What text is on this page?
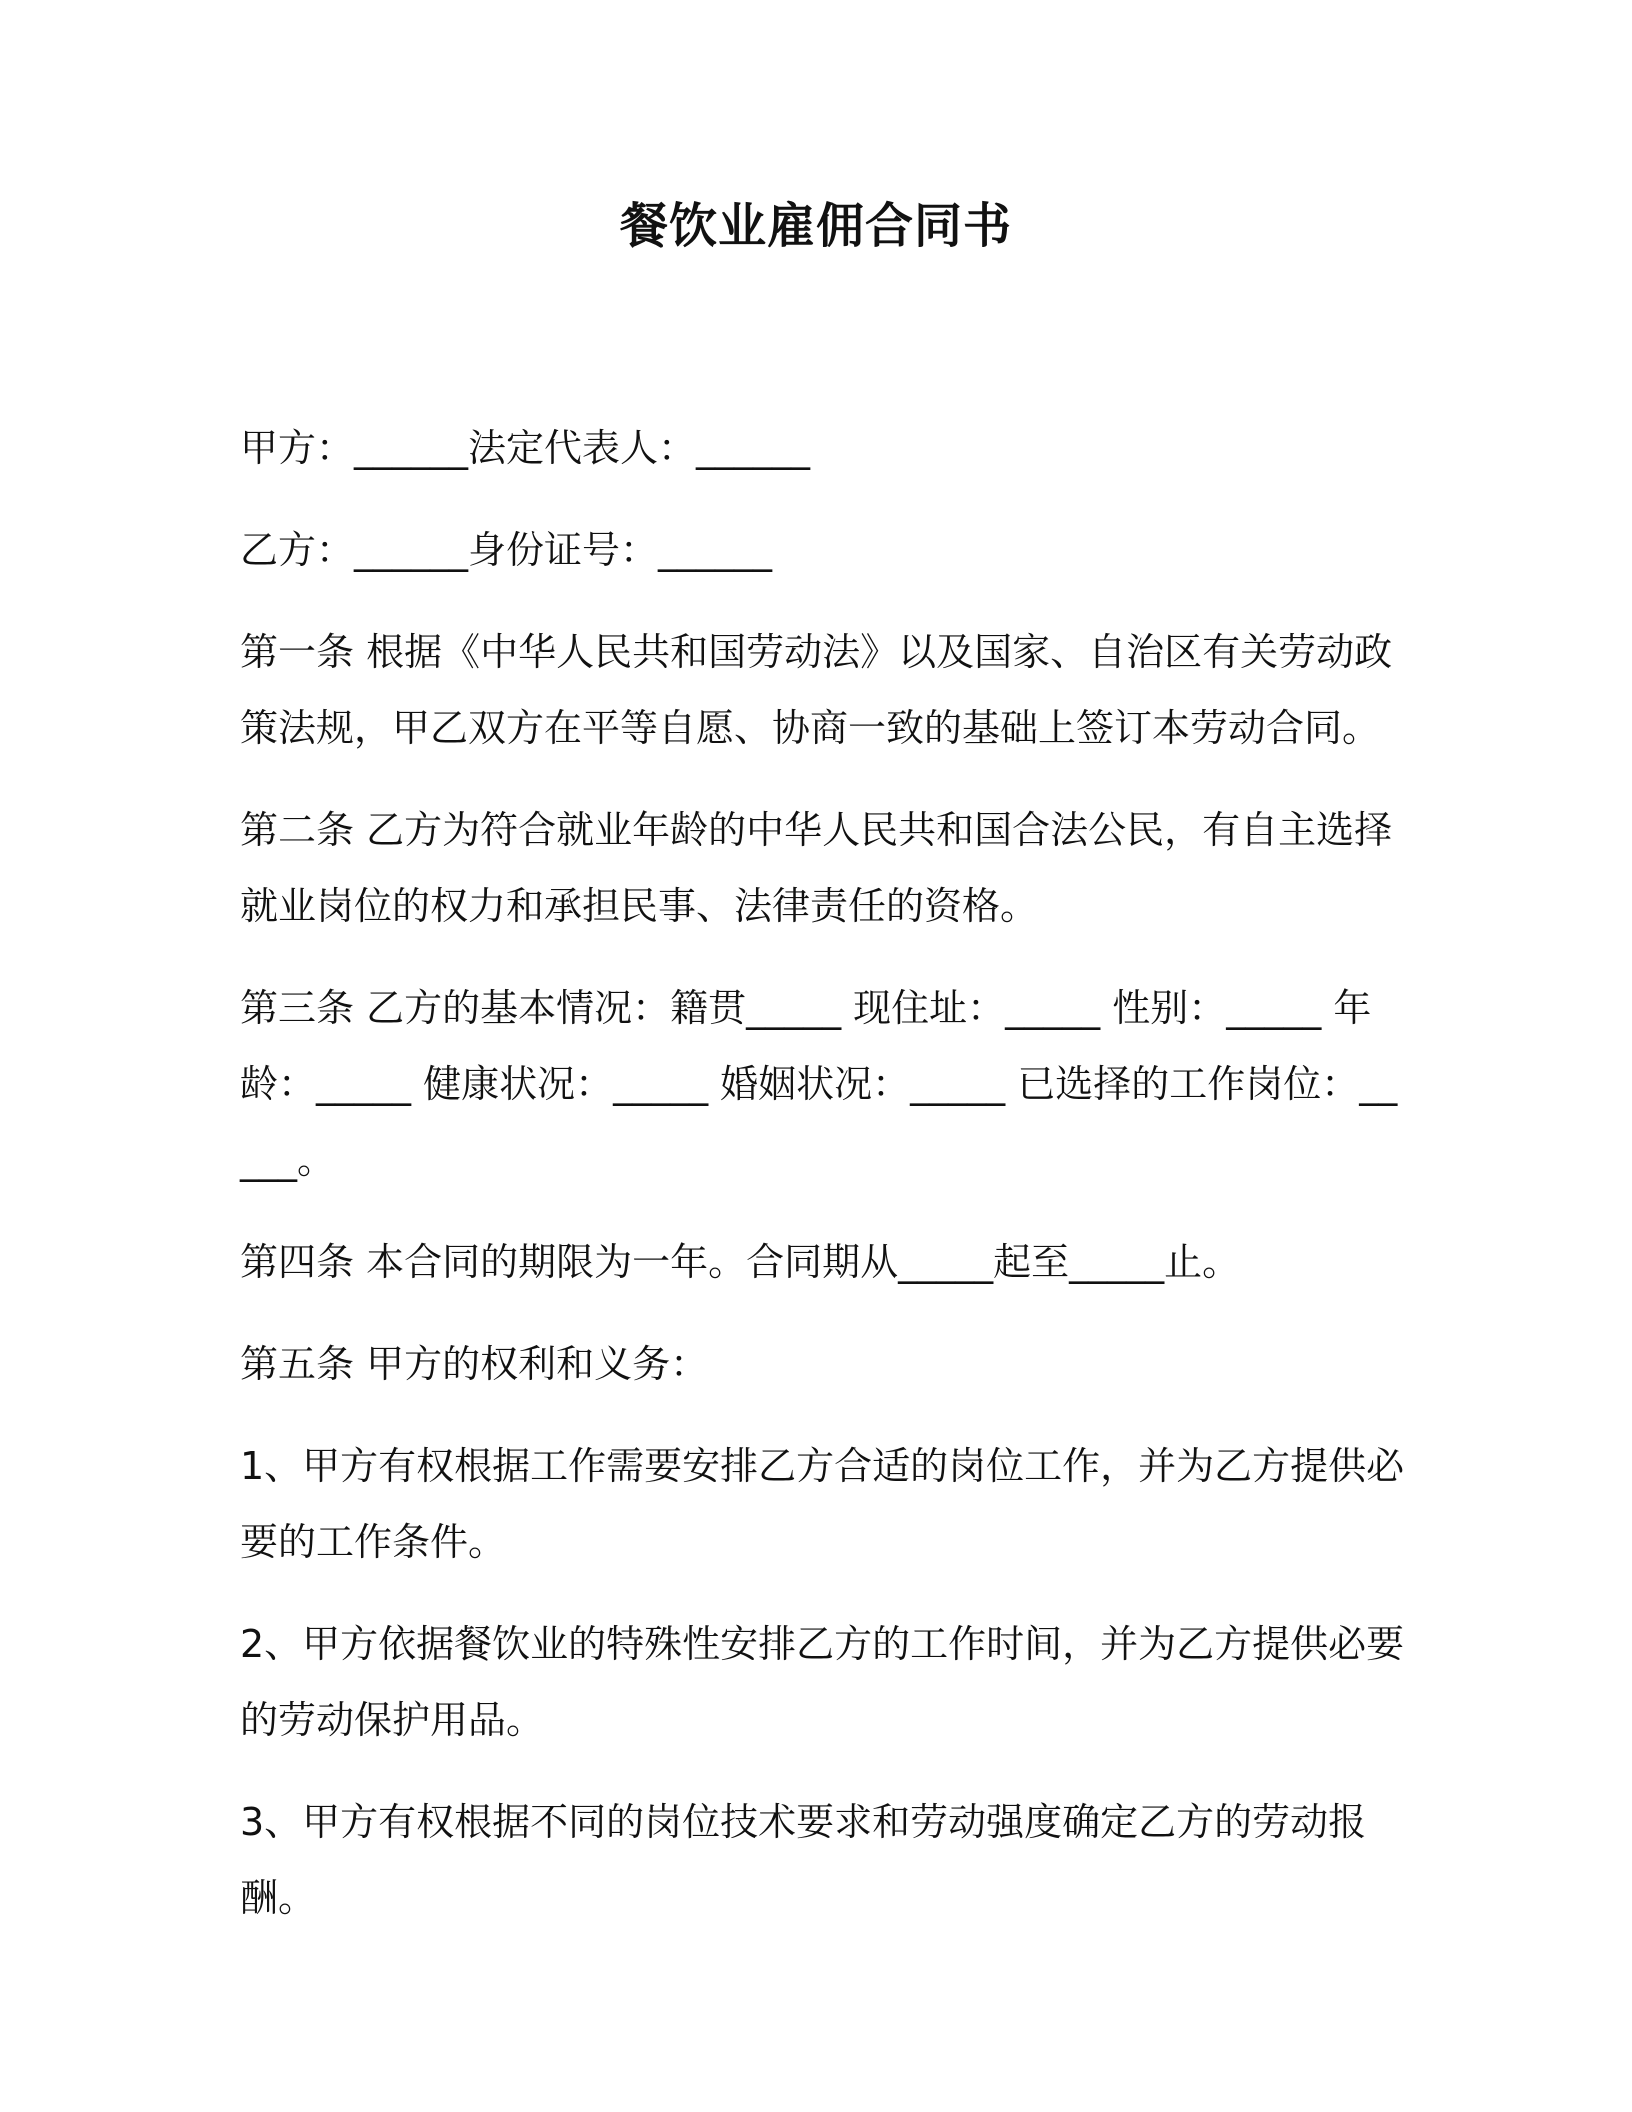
餐饮业雇佣合同书

甲方：______法定代表人：______

乙方：______身份证号：______

第一条 根据《中华人民共和国劳动法》以及国家、自治区有关劳动政策法规，甲乙双方在平等自愿、协商一致的基础上签订本劳动合同。

第二条 乙方为符合就业年龄的中华人民共和国合法公民，有自主选择就业岗位的权力和承担民事、法律责任的资格。

第三条 乙方的基本情况：籍贯_____ 现住址：_____ 性别：_____ 年龄：_____ 健康状况：_____ 婚姻状况：_____ 已选择的工作岗位：_____。

第四条 本合同的期限为一年。合同期从_____起至_____止。

第五条 甲方的权利和义务：

1、甲方有权根据工作需要安排乙方合适的岗位工作，并为乙方提供必要的工作条件。

2、甲方依据餐饮业的特殊性安排乙方的工作时间，并为乙方提供必要的劳动保护用品。

3、甲方有权根据不同的岗位技术要求和劳动强度确定乙方的劳动报酬。
